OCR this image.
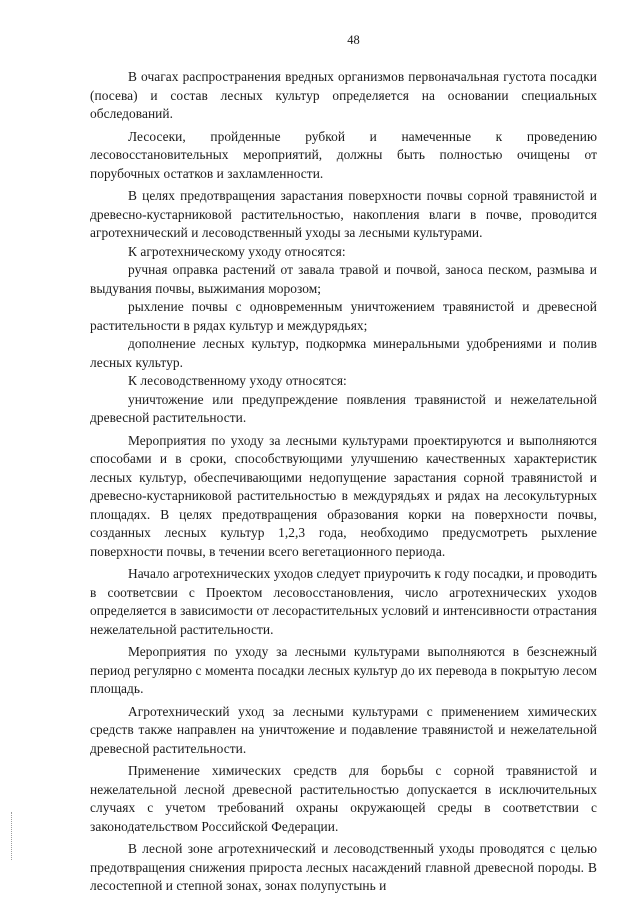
48

В очагах распространения вредных организмов первоначальная густота посадки (посева) и состав лесных культур определяется на основании специальных обследований.

Лесосеки, пройденные рубкой и намеченные к проведению лесовосстановительных мероприятий, должны быть полностью очищены от порубочных остатков и захламленности.

В целях предотвращения зарастания поверхности почвы сорной травянистой и древесно-кустарниковой растительностью, накопления влаги в почве, проводится агротехнический и лесоводственный уходы за лесными культурами.

К агротехническому уходу относятся:

ручная оправка растений от завала травой и почвой, заноса песком, размыва и выдувания почвы, выжимания морозом;

рыхление почвы с одновременным уничтожением травянистой и древесной растительности в рядах культур и междурядьях;

дополнение лесных культур, подкормка минеральными удобрениями и полив лесных культур.

К лесоводственному уходу относятся:

уничтожение или предупреждение появления травянистой и нежелательной древесной растительности.

Мероприятия по уходу за лесными культурами проектируются и выполняются способами и в сроки, способствующими улучшению качественных характеристик лесных культур, обеспечивающими недопущение зарастания сорной травянистой и древесно-кустарниковой растительностью в междурядьях и рядах на лесокультурных площадях. В целях предотвращения образования корки на поверхности почвы, созданных лесных культур 1,2,3 года, необходимо предусмотреть рыхление поверхности почвы, в течении всего вегетационного периода.

Начало агротехнических уходов следует приурочить к году посадки, и проводить в соответсвии с Проектом лесовосстановления, число агротехнических уходов определяется в зависимости от лесорастительных условий и интенсивности отрастания нежелательной растительности.

Мероприятия по уходу за лесными культурами выполняются в безснежный период регулярно с момента посадки лесных культур до их перевода в покрытую лесом площадь.

Агротехнический уход за лесными культурами с применением химических средств также направлен на уничтожение и подавление травянистой и нежелательной древесной растительности.

Применение химических средств для борьбы с сорной травянистой и нежелательной лесной древесной растительностью допускается в исключительных случаях с учетом требований охраны окружающей среды в соответствии с законодательством Российской Федерации.

В лесной зоне агротехнический и лесоводственный уходы проводятся с целью предотвращения снижения прироста лесных насаждений главной древесной породы. В лесостепной и степной зонах, зонах полупустынь и
